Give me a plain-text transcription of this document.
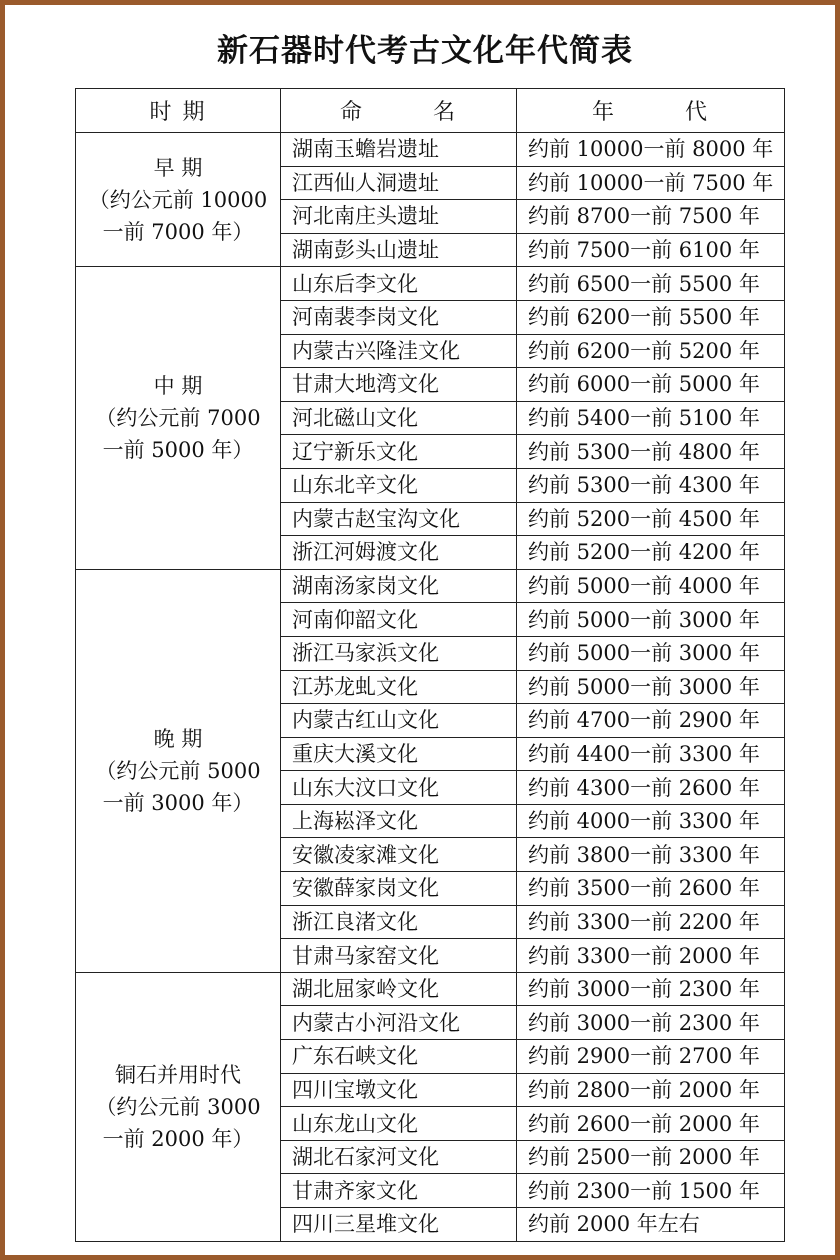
新石器时代考古文化年代简表
时 期	命 名	年 代

早 期
（约公元前 10000 一前 7000 年）	湖南玉蟾岩遗址	约前 10000一前 8000 年
	江西仙人洞遗址	约前 10000一前 7500 年
	河北南庄头遗址	约前 8700一前 7500 年
	湖南彭头山遗址	约前 7500一前 6100 年

中 期
（约公元前 7000 一前 5000 年）	山东后李文化	约前 6500一前 5500 年
	河南裴李岗文化	约前 6200一前 5500 年
	内蒙古兴隆洼文化	约前 6200一前 5200 年
	甘肃大地湾文化	约前 6000一前 5000 年
	河北磁山文化	约前 5400一前 5100 年
	辽宁新乐文化	约前 5300一前 4800 年
	山东北辛文化	约前 5300一前 4300 年
	内蒙古赵宝沟文化	约前 5200一前 4500 年
	浙江河姆渡文化	约前 5200一前 4200 年

晚 期
（约公元前 5000 一前 3000 年）	湖南汤家岗文化	约前 5000一前 4000 年
	河南仰韶文化	约前 5000一前 3000 年
	浙江马家浜文化	约前 5000一前 3000 年
	江苏龙虬文化	约前 5000一前 3000 年
	内蒙古红山文化	约前 4700一前 2900 年
	重庆大溪文化	约前 4400一前 3300 年
	山东大汶口文化	约前 4300一前 2600 年
	上海崧泽文化	约前 4000一前 3300 年
	安徽凌家滩文化	约前 3800一前 3300 年
	安徽薛家岗文化	约前 3500一前 2600 年
	浙江良渚文化	约前 3300一前 2200 年
	甘肃马家窑文化	约前 3300一前 2000 年

铜石并用时代
（约公元前 3000 一前 2000 年）	湖北屈家岭文化	约前 3000一前 2300 年
	内蒙古小河沿文化	约前 3000一前 2300 年
	广东石峡文化	约前 2900一前 2700 年
	四川宝墩文化	约前 2800一前 2000 年
	山东龙山文化	约前 2600一前 2000 年
	湖北石家河文化	约前 2500一前 2000 年
	甘肃齐家文化	约前 2300一前 1500 年
	四川三星堆文化	约前 2000 年左右
